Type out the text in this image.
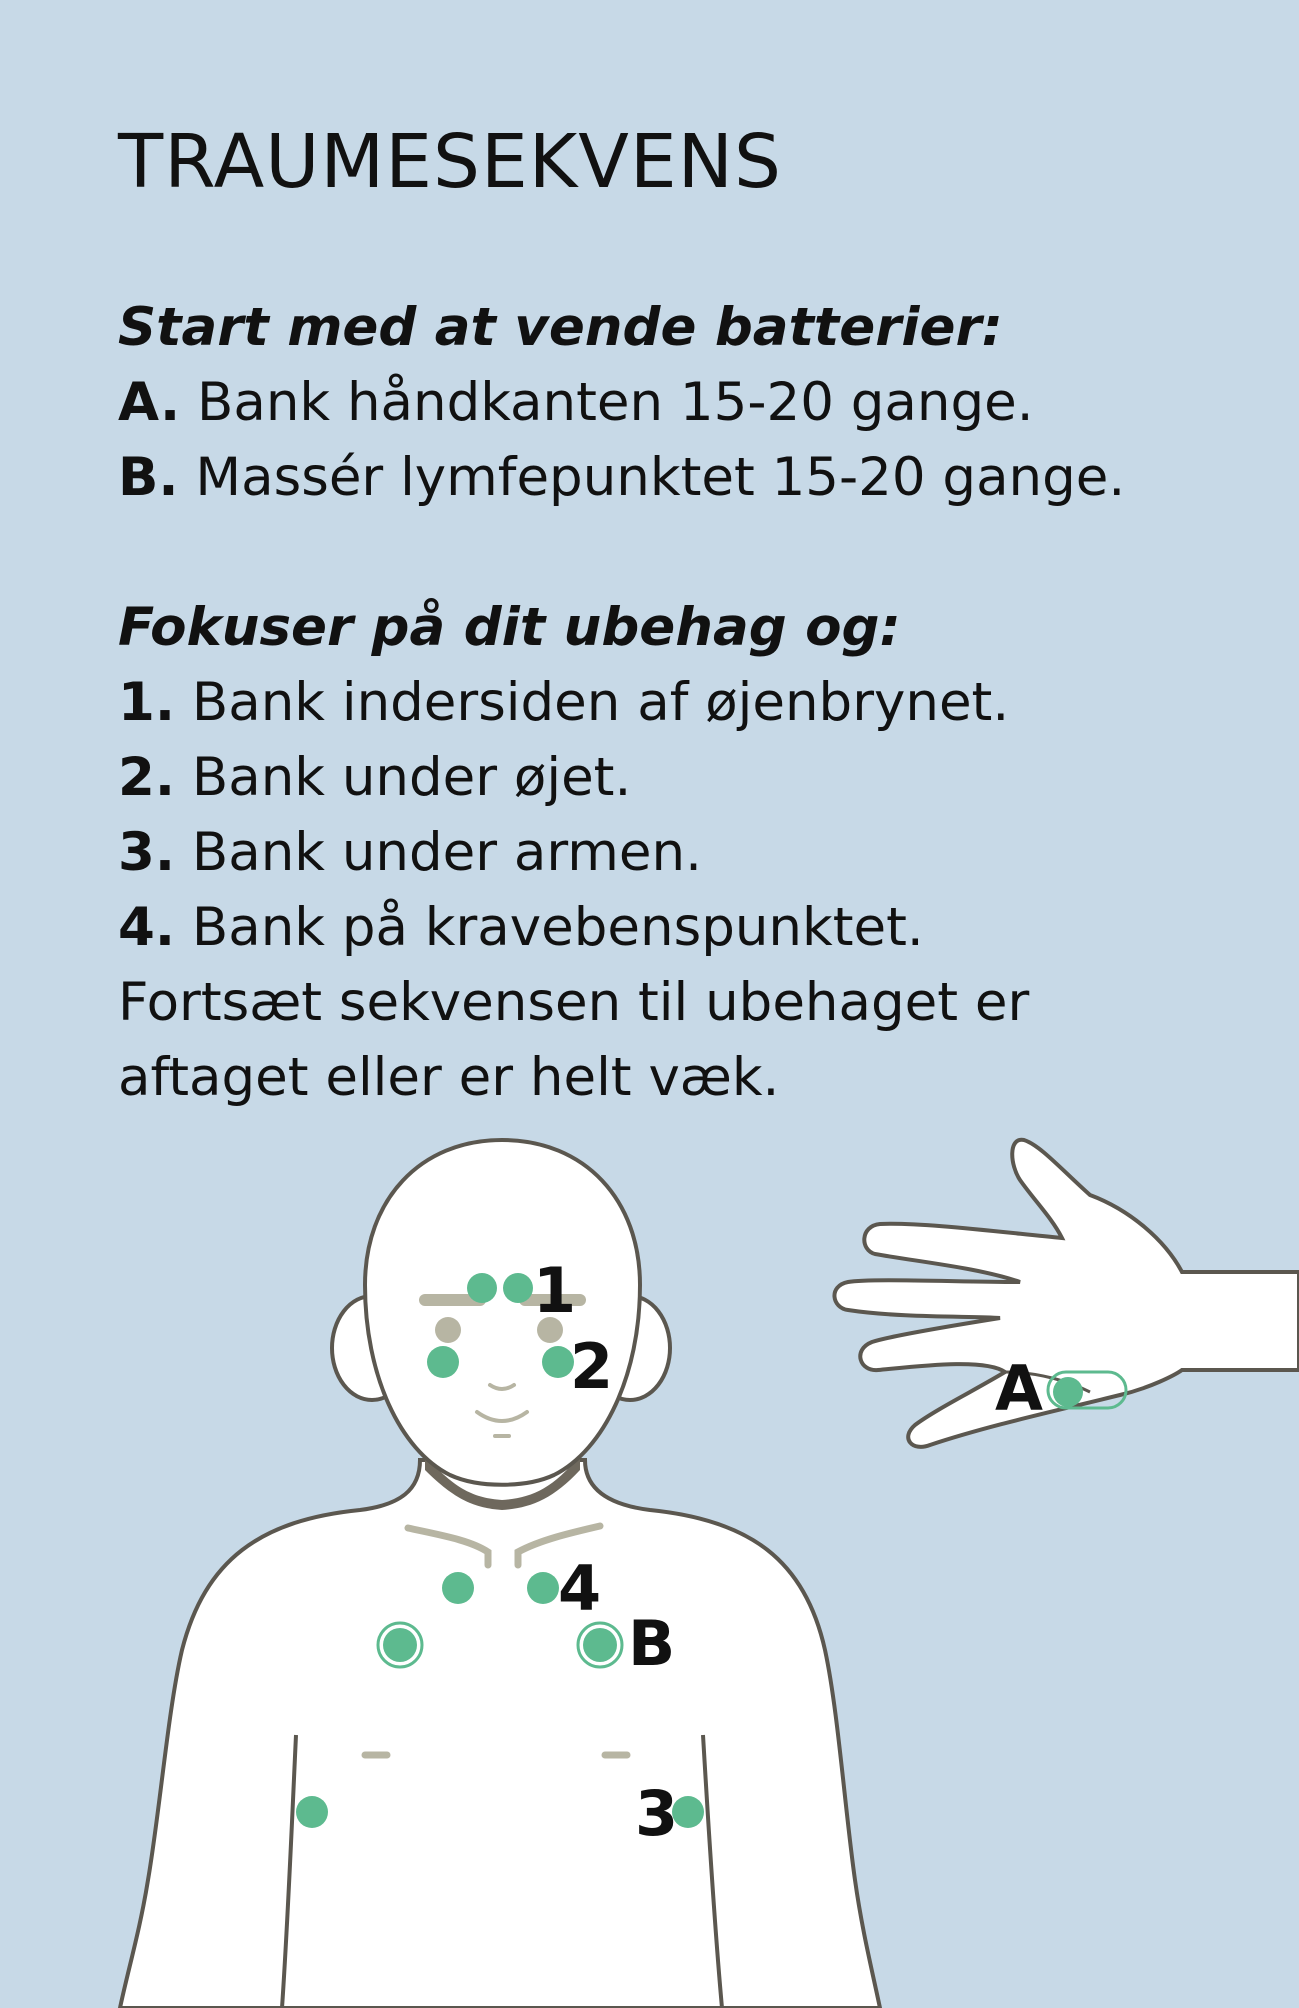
TRAUMESEKVENS
Start med at vende batterier:
A. Bank håndkanten 15-20 gange.
B. Massér lymfepunktet 15-20 gange.
Fokuser på dit ubehag og:
1. Bank indersiden af øjenbrynet.
2. Bank under øjet.
3. Bank under armen.
4. Bank på kravebenspunktet.
Fortsæt sekvensen til ubehaget er
aftaget eller er helt væk.
1
2
4
B
3
A
